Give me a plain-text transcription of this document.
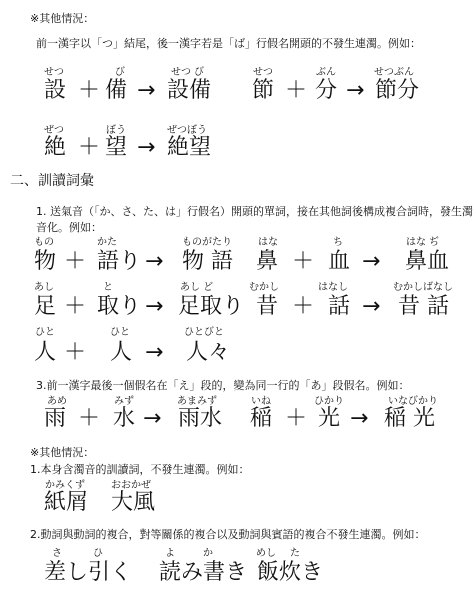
※其他情況：
前一漢字以「つ」結尾，後一漢字若是「ば」行假名開頭的不發生連濁。例如：
二、訓讀詞彙
1. 送氣音（「か、さ、た、は」行假名）開頭的單詞，接在其他詞後構成複合詞時，發生濁
音化。例如：
3.前一漢字最後一個假名在「え」段的，變為同一行的「あ」段假名。例如：
※其他情況：
1.本身含濁音的訓讀詞，不發生連濁。例如：
2.動詞與動詞的複合，對等關係的複合以及動詞與賓語的複合不發生連濁。例如：
せつ
設 ＋
び
備 →
せつ び
設備
せつ
節 ＋
ぶん
分 →
せつぶん
節分
ぜつ
絶 ＋
ぼう
望 →
ぜつぼう
絶望
もの
物 ＋
かた
語り →
ものがたり
物 語
はな
鼻 ＋
ち
血 →
はな ぢ
鼻血
あし
足 ＋
と
取り →
あし ど
足取り
むかし
昔 ＋
はなし
話 →
むかしばなし
昔 話
ひと
人 ＋
ひと
人 →
ひとびと
人々
あめ
雨 ＋
みず
水 →
あまみず
雨水
いね
稲 ＋
ひかり
光 →
いなびかり
稲 光
かみくず
紙屑
おおかぜ
大風
さ	ひ
差し引く
よ	か
読み書き
めし た
飯炊き
